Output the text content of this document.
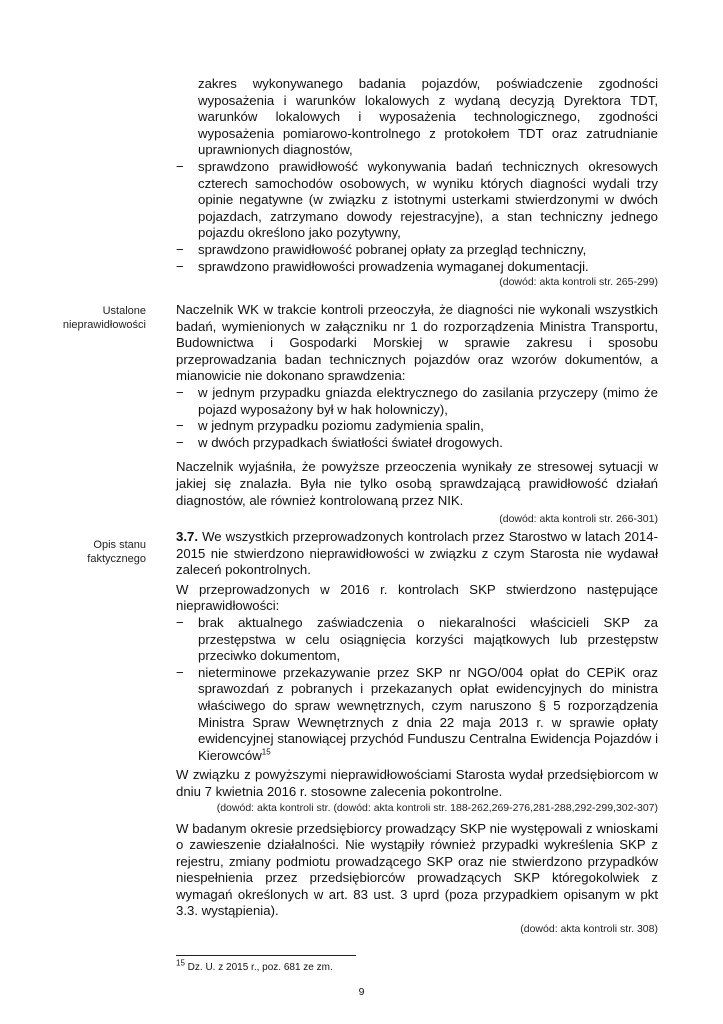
zakres wykonywanego badania pojazdów, poświadczenie zgodności wyposażenia i warunków lokalowych z wydaną decyzją Dyrektora TDT, warunków lokalowych i wyposażenia technologicznego, zgodności wyposażenia pomiarowo-kontrolnego z protokołem TDT oraz zatrudnianie uprawnionych diagnostów,

− sprawdzono prawidłowość wykonywania badań technicznych okresowych czterech samochodów osobowych, w wyniku których diagności wydali trzy opinie negatywne (w związku z istotnymi usterkami stwierdzonymi w dwóch pojazdach, zatrzymano dowody rejestracyjne), a stan techniczny jednego pojazdu określono jako pozytywny,

− sprawdzono prawidłowość pobranej opłaty za przegląd techniczny,

− sprawdzono prawidłowości prowadzenia wymaganej dokumentacji.

(dowód: akta kontroli str. 265-299)

Ustalone nieprawidłowości

Naczelnik WK w trakcie kontroli przeoczyła, że diagności nie wykonali wszystkich badań, wymienionych w załączniku nr 1 do rozporządzenia Ministra Transportu, Budownictwa i Gospodarki Morskiej w sprawie zakresu i sposobu przeprowadzania badan technicznych pojazdów oraz wzorów dokumentów, a mianowicie nie dokonano sprawdzenia:

− w jednym przypadku gniazda elektrycznego do zasilania przyczepy (mimo że pojazd wyposażony był w hak holowniczy),

− w jednym przypadku poziomu zadymienia spalin,

− w dwóch przypadkach światłości świateł drogowych.

Naczelnik wyjaśniła, że powyższe przeoczenia wynikały ze stresowej sytuacji w jakiej się znalazła. Była nie tylko osobą sprawdzającą prawidłowość działań diagnostów, ale również kontrolowaną przez NIK.

(dowód: akta kontroli str. 266-301)

Opis stanu faktycznego

3.7. We wszystkich przeprowadzonych kontrolach przez Starostwo w latach 2014-2015 nie stwierdzono nieprawidłowości w związku z czym Starosta nie wydawał zaleceń pokontrolnych.

W przeprowadzonych w 2016 r. kontrolach SKP stwierdzono następujące nieprawidłowości:

− brak aktualnego zaświadczenia o niekaralności właścicieli SKP za przestępstwa w celu osiągnięcia korzyści majątkowych lub przestępstw przeciwko dokumentom,

− nieterminowe przekazywanie przez SKP nr NGO/004 opłat do CEPiK oraz sprawozdań z pobranych i przekazanych opłat ewidencyjnych do ministra właściwego do spraw wewnętrznych, czym naruszono § 5 rozporządzenia Ministra Spraw Wewnętrznych z dnia 22 maja 2013 r. w sprawie opłaty ewidencyjnej stanowiącej przychód Funduszu Centralna Ewidencja Pojazdów i Kierowców$^{15}$

W związku z powyższymi nieprawidłowościami Starosta wydał przedsiębiorcom w dniu 7 kwietnia 2016 r. stosowne zalecenia pokontrolne.

(dowód: akta kontroli str. (dowód: akta kontroli str. 188-262,269-276,281-288,292-299,302-307)

W badanym okresie przedsiębiorcy prowadzący SKP nie występowali z wnioskami o zawieszenie działalności. Nie wystąpiły również przypadki wykreślenia SKP z rejestru, zmiany podmiotu prowadzącego SKP oraz nie stwierdzono przypadków niespełnienia przez przedsiębiorców prowadzących SKP któregokolwiek z wymagań określonych w art. 83 ust. 3 uprd (poza przypadkiem opisanym w pkt 3.3. wystąpienia).

(dowód: akta kontroli str. 308)

$^{15}$ Dz. U. z 2015 r., poz. 681 ze zm.
9
